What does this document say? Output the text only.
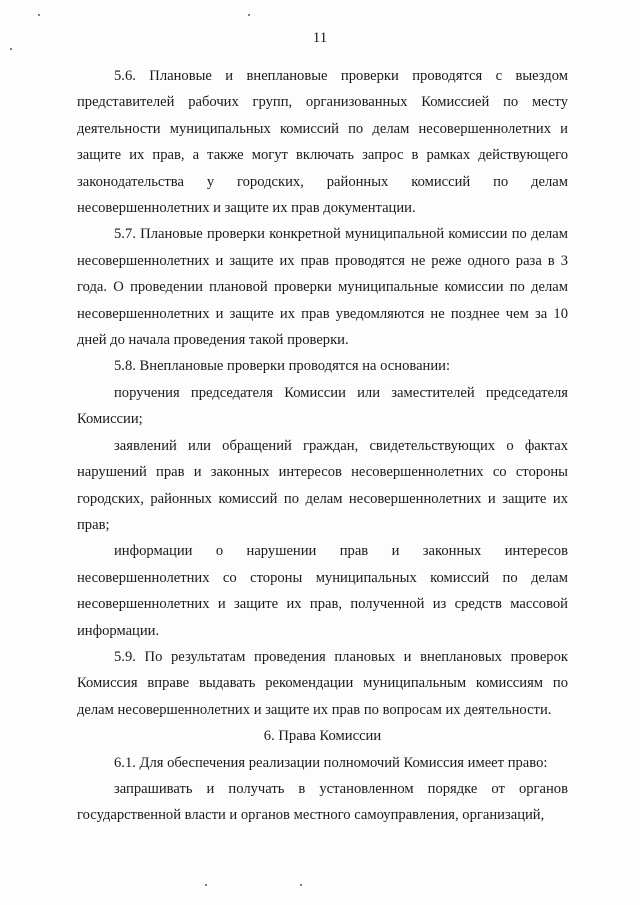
11

5.6. Плановые и внеплановые проверки проводятся с выездом представителей рабочих групп, организованных Комиссией по месту деятельности муниципальных комиссий по делам несовершеннолетних и защите их прав, а также могут включать запрос в рамках действующего законодательства у городских, районных комиссий по делам несовершеннолетних и защите их прав документации.

5.7. Плановые проверки конкретной муниципальной комиссии по делам несовершеннолетних и защите их прав проводятся не реже одного раза в 3 года. О проведении плановой проверки муниципальные комиссии по делам несовершеннолетних и защите их прав уведомляются не позднее чем за 10 дней до начала проведения такой проверки.

5.8. Внеплановые проверки проводятся на основании:

поручения председателя Комиссии или заместителей председателя Комиссии;

заявлений или обращений граждан, свидетельствующих о фактах нарушений прав и законных интересов несовершеннолетних со стороны городских, районных комиссий по делам несовершеннолетних и защите их прав;

информации о нарушении прав и законных интересов несовершеннолетних со стороны муниципальных комиссий по делам несовершеннолетних и защите их прав, полученной из средств массовой информации.

5.9. По результатам проведения плановых и внеплановых проверок Комиссия вправе выдавать рекомендации муниципальным комиссиям по делам несовершеннолетних и защите их прав по вопросам их деятельности.

6. Права Комиссии

6.1. Для обеспечения реализации полномочий Комиссия имеет право:

запрашивать и получать в установленном порядке от органов государственной власти и органов местного самоуправления, организаций,
